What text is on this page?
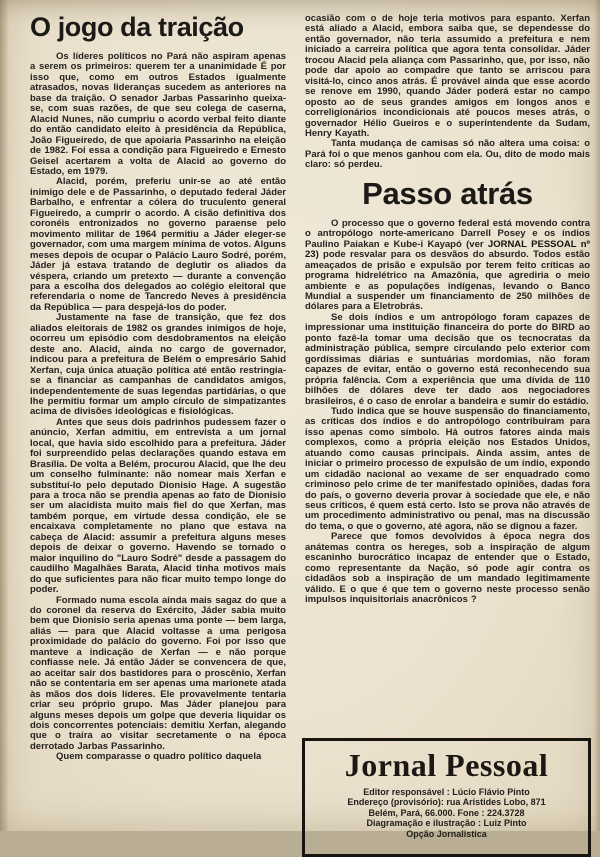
O jogo da traição

Os líderes políticos no Pará não aspiram apenas a serem os primeiros: querem ter a unanimidade É por isso que, como em outros Estados igualmente atrasados, novas lideranças sucedem as anteriores na base da traição. O senador Jarbas Passarinho queixa-se, com suas razões, de que seu colega de caserna, Alacid Nunes, não cumpriu o acordo verbal feito diante do então candidato eleito à presidência da República, João Figueiredo, de que apoiaria Passarinho na eleição de 1982. Foi essa a condição para Figueiredo e Ernesto Geisel acertarem a volta de Alacid ao governo do Estado, em 1979.

Alacid, porém, preferiu unir-se ao até então inimigo dele e de Passarinho, o deputado federal Jáder Barbalho, e enfrentar a cólera do truculento general Figueiredo, a cumprir o acordo. A cisão definitiva dos coronéis entronizados no governo paraense pelo movimento militar de 1964 permitiu a Jáder eleger-se governador, com uma margem mínima de votos. Alguns meses depois de ocupar o Palácio Lauro Sodré, porém, Jáder já estava tratando de deglutir os aliados da véspera, criando um pretexto — durante a convenção para a escolha dos delegados ao colégio eleitoral que referendaria o nome de Tancredo Neves à presidência da República — para despejá-los do poder.

Justamente na fase de transição, que fez dos aliados eleitorais de 1982 os grandes inimigos de hoje, ocorreu um episódio com desdobramentos na eleição deste ano. Alacid, ainda no cargo de governador, indicou para a prefeitura de Belém o empresário Sahid Xerfan, cuja única atuação política até então restringia-se a financiar as campanhas de candidatos amigos, independentemente de suas legendas partidárias, o que lhe permitiu formar um amplo círculo de simpatizantes acima de divisões ideológicas e fisiológicas.

Antes que seus dois padrinhos pudessem fazer o anúncio, Xerfan admitiu, em entrevista a um jornal local, que havia sido escolhido para a prefeitura. Jáder foi surpreendido pelas declarações quando estava em Brasília. De volta a Belém, procurou Alacid, que lhe deu um conselho fulminante: não nomear mais Xerfan e substituí-lo pelo deputado Dionisio Hage. A sugestão para a troca não se prendia apenas ao fato de Dionisio ser um alacidista muito mais fiel do que Xerfan, mas também porque, em virtude dessa condição, ele se encaixava completamente no plano que estava na cabeça de Alacid: assumir a prefeitura alguns meses depois de deixar o governo. Havendo se tornado o maior inquilino do "Lauro Sodré" desde a passagem do caudilho Magalhães Barata, Alacid tinha motivos mais do que suficientes para não ficar muito tempo longe do poder.

Formado numa escola ainda mais sagaz do que a do coronel da reserva do Exército, Jáder sabia muito bem que Dionisio seria apenas uma ponte — bem larga, aliás — para que Alacid voltasse a uma perigosa proximidade do palácio do governo. Foi por isso que manteve a indicação de Xerfan — e não porque confiasse nele. Já então Jáder se convencera de que, ao aceitar sair dos bastidores para o proscênio, Xerfan não se contentaria em ser apenas uma marionete atada às mãos dos dois líderes. Ele provavelmente tentaria criar seu próprio grupo. Mas Jáder planejou para alguns meses depois um golpe que deveria liquidar os dois concorrentes potenciais: demitiu Xerfan, alegando que o traíra ao visitar secretamente o na época derrotado Jarbas Passarinho.

Quem comparasse o quadro político daquela

ocasião com o de hoje teria motivos para espanto. Xerfan está aliado a Alacid, embora saiba que, se dependesse do então governador, não teria assumido a prefeitura e nem iniciado a carreira política que agora tenta consolidar. Jáder trocou Alacid pela aliança com Passarinho, que, por isso, não pode dar apoio ao compadre que tanto se arriscou para visitá-lo, cinco anos atrás. É provável ainda que esse acordo se renove em 1990, quando Jáder poderá estar no campo oposto ao de seus grandes amigos em longos anos e correligionários incondicionais até poucos meses atrás, o governador Hélio Gueiros e o superintendente da Sudam, Henry Kayath.

Tanta mudança de camisas só não altera uma coisa: o Pará foi o que menos ganhou com ela. Ou, dito de modo mais claro: só perdeu.

Passo atrás

O processo que o governo federal está movendo contra o antropólogo norte-americano Darrell Posey e os índios Paulino Paiakan e Kube-i Kayapó (ver JORNAL PESSOAL nº 23) pode resvalar para os desvãos do absurdo. Todos estão ameaçados de prisão e expulsão por terem feito críticas ao programa hidrelétrico na Amazônia, que agrediria o meio ambiente e as populações indígenas, levando o Banco Mundial a suspender um financiamento de 250 milhões de dólares para a Eletrobrás.

Se dois índios e um antropólogo foram capazes de impressionar uma instituição financeira do porte do BIRD ao ponto fazê-la tomar uma decisão que os tecnocratas da administração pública, sempre circulando pelo exterior com gordíssimas diárias e suntuárias mordomias, não foram capazes de evitar, então o governo está reconhecendo sua própria falência. Com a experiência que uma dívida de 110 bilhões de dólares deve ter dado aos negociadores brasileiros, é o caso de enrolar a bandeira e sumir do estádio.

Tudo indica que se houve suspensão do financiamento, as críticas dos índios e do antropólogo contribuiram para isso apenas como símbolo. Há outros fatores ainda mais complexos, como a própria eleição nos Estados Unidos, atuando como causas principais. Ainda assim, antes de iniciar o primeiro processo de expulsão de um índio, expondo um cidadão nacional ao vexame de ser enquadrado como criminoso pelo crime de ter manifestado opiniões, dadas fora do país, o governo deveria provar à sociedade que ele, e não seus críticos, é quem está certo. Isto se prova não através de um procedimento administrativo ou penal, mas na discussão do tema, o que o governo, até agora, não se dignou a fazer.

Parece que fomos devolvidos à época negra dos anátemas contra os hereges, sob a inspiração de algum escaninho burocrático incapaz de entender que o Estado, como representante da Nação, só pode agir contra os cidadãos sob a inspiração de um mandado legitimamente válido. E o que é que tem o governo neste processo senão impulsos inquisitoriais anacrônicos ?

Jornal Pessoal

Editor responsável : Lúcio Flávio Pinto

Endereço (provisório): rua Aristides Lobo, 871

Belém, Pará, 66.000. Fone : 224.3728

Diagramação e ilustração : Luiz Pinto

Opção Jornalistica
